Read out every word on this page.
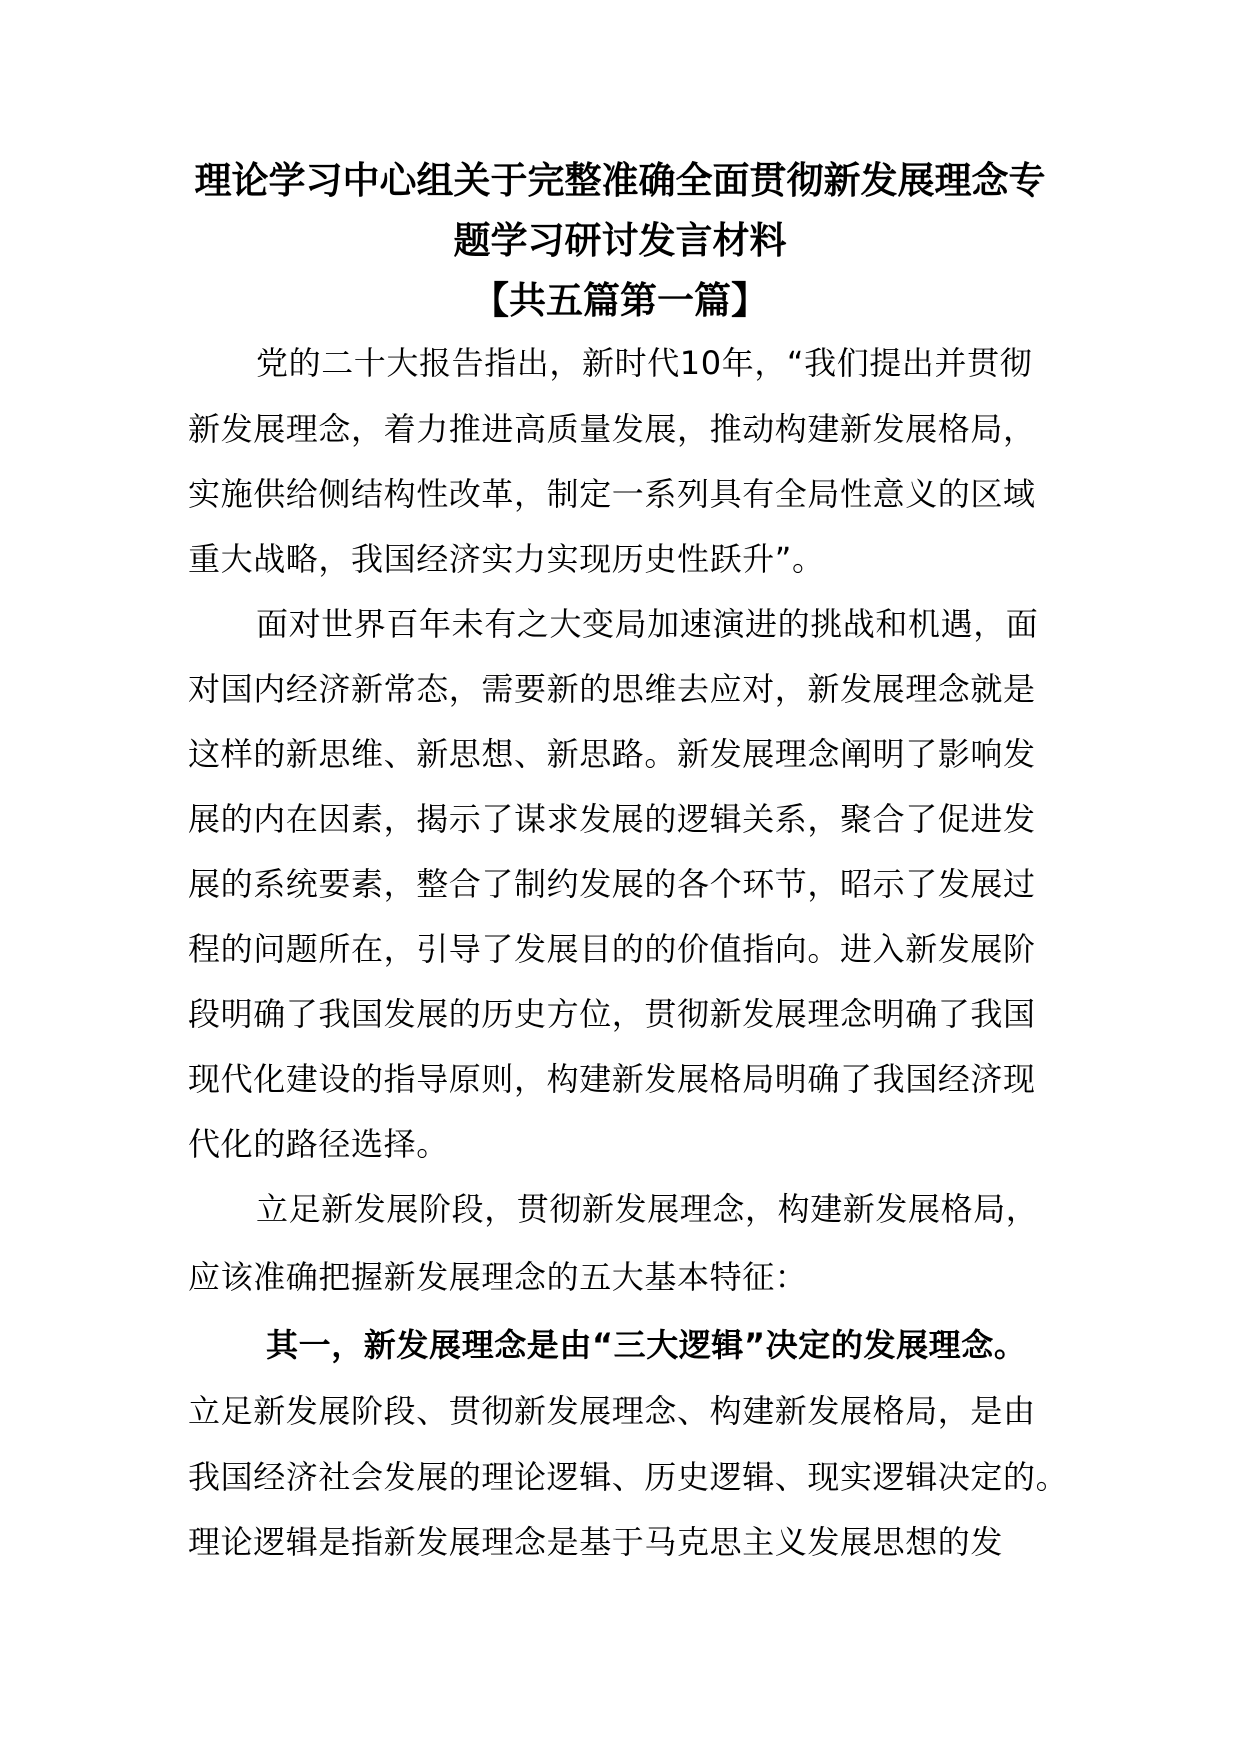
理论学习中心组关于完整准确全面贯彻新发展理念专
题学习研讨发言材料
【共五篇第一篇】
党的二十大报告指出，新时代10年，“我们提出并贯彻
新发展理念，着力推进高质量发展，推动构建新发展格局，
实施供给侧结构性改革，制定一系列具有全局性意义的区域
重大战略，我国经济实力实现历史性跃升”。
面对世界百年未有之大变局加速演进的挑战和机遇，面
对国内经济新常态，需要新的思维去应对，新发展理念就是
这样的新思维、新思想、新思路。新发展理念阐明了影响发
展的内在因素，揭示了谋求发展的逻辑关系，聚合了促进发
展的系统要素，整合了制约发展的各个环节，昭示了发展过
程的问题所在，引导了发展目的的价值指向。进入新发展阶
段明确了我国发展的历史方位，贯彻新发展理念明确了我国
现代化建设的指导原则，构建新发展格局明确了我国经济现
代化的路径选择。
立足新发展阶段，贯彻新发展理念，构建新发展格局，
应该准确把握新发展理念的五大基本特征：
其一，新发展理念是由“三大逻辑”决定的发展理念。
立足新发展阶段、贯彻新发展理念、构建新发展格局，是由
我国经济社会发展的理论逻辑、历史逻辑、现实逻辑决定的。
理论逻辑是指新发展理念是基于马克思主义发展思想的发
